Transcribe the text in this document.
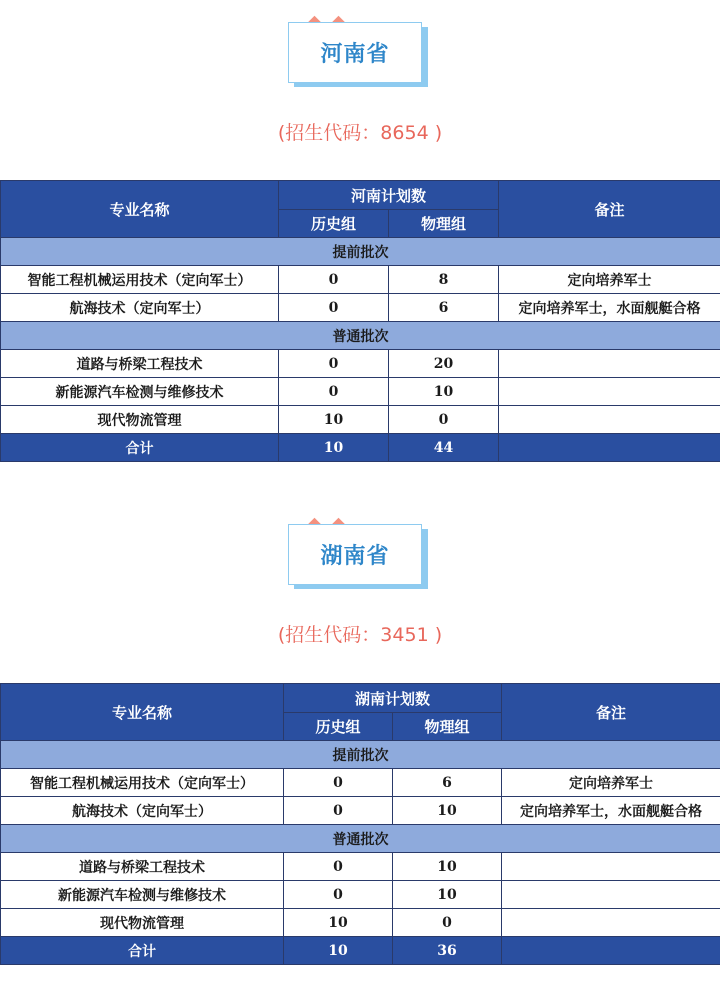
河南省
(招生代码：8654 )
专业名称	河南计划数		备注
	历史组	物理组	
提前批次			
智能工程机械运用技术（定向军士）	0	8	定向培养军士
航海技术（定向军士）	0	6	定向培养军士，水面舰艇合格
普通批次			
道路与桥梁工程技术	0	20	
新能源汽车检测与维修技术	0	10	
现代物流管理	10	0	
合计	10	44	
湖南省
(招生代码：3451 )
专业名称	湖南计划数		备注
	历史组	物理组	
提前批次			
智能工程机械运用技术（定向军士）	0	6	定向培养军士
航海技术（定向军士）	0	10	定向培养军士，水面舰艇合格
普通批次			
道路与桥梁工程技术	0	10	
新能源汽车检测与维修技术	0	10	
现代物流管理	10	0	
合计	10	36	
